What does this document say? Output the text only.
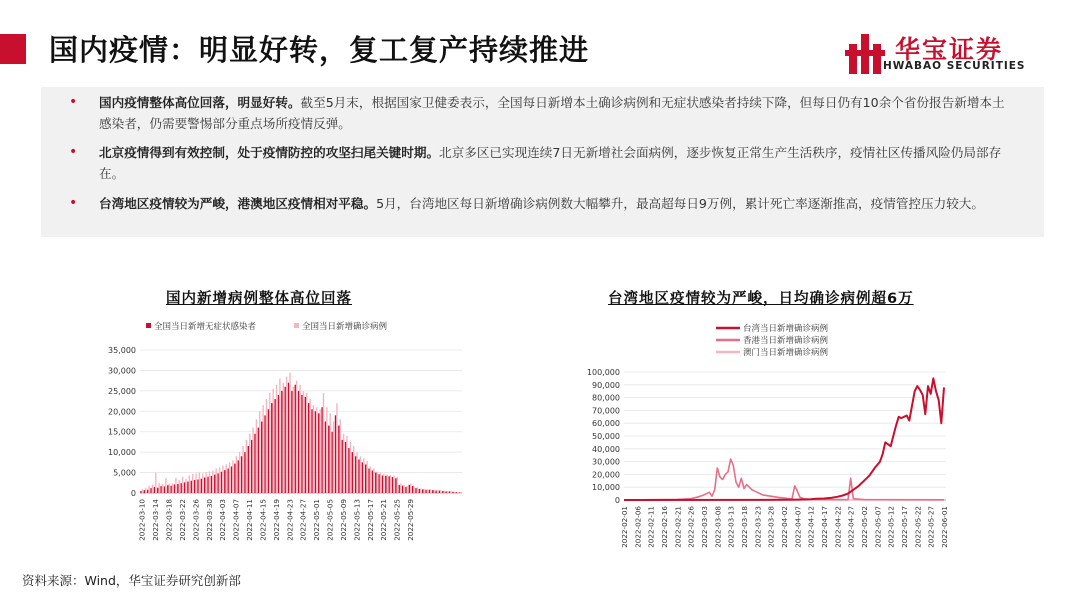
国内疫情：明显好转，复工复产持续推进	华宝证券
HWABAO SECURITIES
• 国内疫情整体高位回落，明显好转。截至5月末，根据国家卫健委表示，全国每日新增本土确诊病例和无症状感染者持续下降，但每日仍有10余个省份报告新增本土感染者，仍需要警惕部分重点场所疫情反弹。
• 北京疫情得到有效控制，处于疫情防控的攻坚扫尾关键时期。北京多区已实现连续7日无新增社会面病例，逐步恢复正常生产生活秩序，疫情社区传播风险仍局部存在。
• 台湾地区疫情较为严峻，港澳地区疫情相对平稳。5月，台湾地区每日新增确诊病例数大幅攀升，最高超每日9万例，累计死亡率逐渐推高，疫情管控压力较大。
国内新增病例整体高位回落	台湾地区疫情较为严峻，日均确诊病例超6万
全国当日新增无症状感染者	全国当日新增确诊病例
35,000
30,000
25,000
20,000
15,000
10,000
5,000
0
2022-03-10 2022-03-14 2022-03-18 2022-03-22 2022-03-26 2022-03-30 2022-04-03 2022-04-07 2022-04-11 2022-04-15 2022-04-19 2022-04-23 2022-04-27 2022-05-01 2022-05-05 2022-05-09 2022-05-13 2022-05-17 2022-05-21 2022-05-25 2022-05-29
台湾当日新增确诊病例
香港当日新增确诊病例
澳门当日新增确诊病例
100,000
90,000
80,000
70,000
60,000
50,000
40,000
30,000
20,000
10,000
0
2022-02-01 2022-02-06 2022-02-11 2022-02-16 2022-02-21 2022-02-26 2022-03-03 2022-03-08 2022-03-13 2022-03-18 2022-03-23 2022-03-28 2022-04-02 2022-04-07 2022-04-12 2022-04-17 2022-04-22 2022-04-27 2022-05-02 2022-05-07 2022-05-12 2022-05-17 2022-05-22 2022-05-27 2022-06-01
资料来源：Wind，华宝证券研究创新部
